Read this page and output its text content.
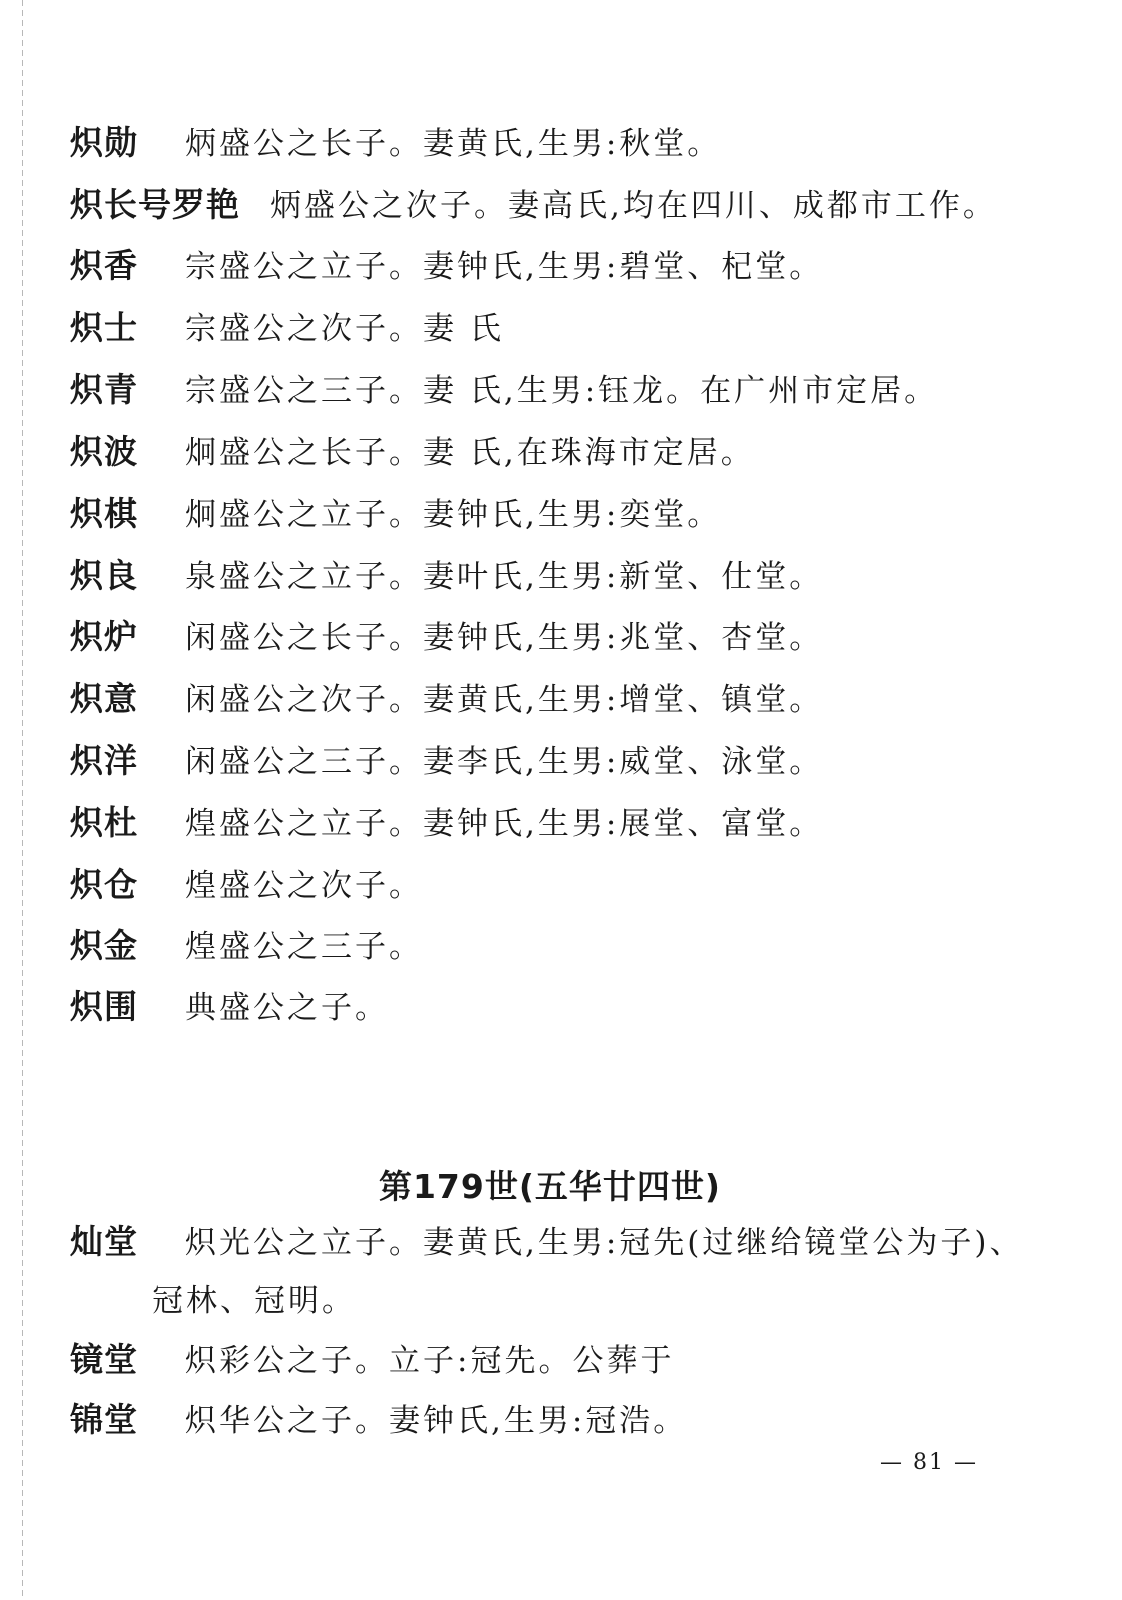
炽勋 炳盛公之长子。妻黄氏,生男:秋堂。
炽长号罗艳 炳盛公之次子。妻高氏,均在四川、成都市工作。
炽香 宗盛公之立子。妻钟氏,生男:碧堂、杞堂。
炽士 宗盛公之次子。妻 氏
炽青 宗盛公之三子。妻 氏,生男:钰龙。在广州市定居。
炽波 炯盛公之长子。妻 氏,在珠海市定居。
炽棋 炯盛公之立子。妻钟氏,生男:奕堂。
炽良 泉盛公之立子。妻叶氏,生男:新堂、仕堂。
炽炉 闲盛公之长子。妻钟氏,生男:兆堂、杏堂。
炽意 闲盛公之次子。妻黄氏,生男:增堂、镇堂。
炽洋 闲盛公之三子。妻李氏,生男:威堂、泳堂。
炽杜 煌盛公之立子。妻钟氏,生男:展堂、富堂。
炽仓 煌盛公之次子。
炽金 煌盛公之三子。
炽围 典盛公之子。
第179世(五华廿四世)
灿堂 炽光公之立子。妻黄氏,生男:冠先(过继给镜堂公为子)、
冠林、冠明。
镜堂 炽彩公之子。立子:冠先。公葬于
锦堂 炽华公之子。妻钟氏,生男:冠浩。
— 81 —
